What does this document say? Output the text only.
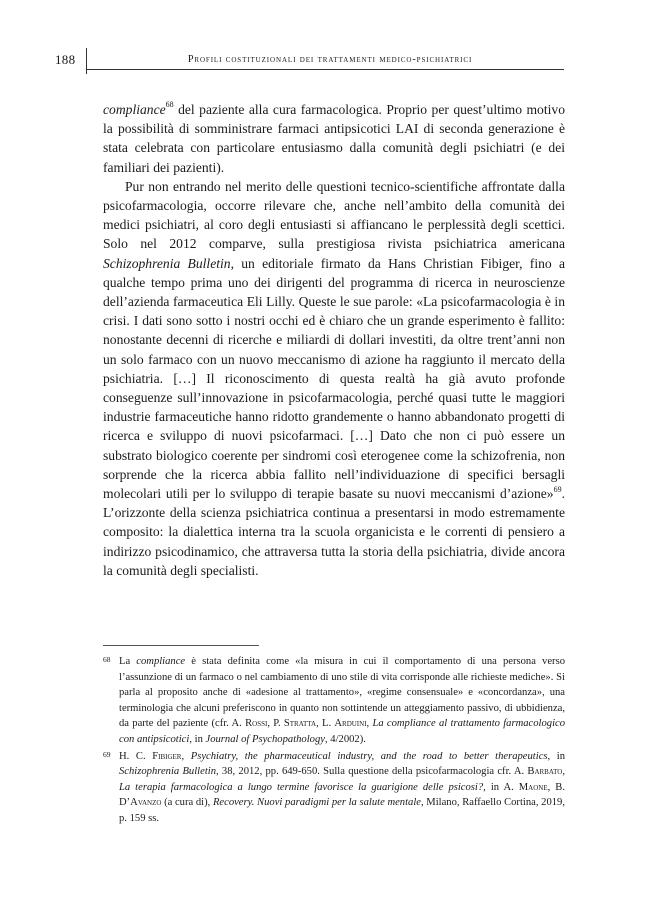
188	Profili costituzionali dei trattamenti medico-psichiatrici

compliance$^{68}$ del paziente alla cura farmacologica. Proprio per quest’ultimo motivo la possibilità di somministrare farmaci antipsicotici LAI di seconda generazione è stata celebrata con particolare entusiasmo dalla comunità degli psichiatri (e dei familiari dei pazienti).

Pur non entrando nel merito delle questioni tecnico-scientifiche affrontate dalla psicofarmacologia, occorre rilevare che, anche nell’ambito della comunità dei medici psichiatri, al coro degli entusiasti si affiancano le perplessità degli scettici. Solo nel 2012 comparve, sulla prestigiosa rivista psichiatrica americana Schizophrenia Bulletin, un editoriale firmato da Hans Christian Fibiger, fino a qualche tempo prima uno dei dirigenti del programma di ricerca in neuroscienze dell’azienda farmaceutica Eli Lilly. Queste le sue parole: «La psicofarmacologia è in crisi. I dati sono sotto i nostri occhi ed è chiaro che un grande esperimento è fallito: nonostante decenni di ricerche e miliardi di dollari investiti, da oltre trent’anni non un solo farmaco con un nuovo meccanismo di azione ha raggiunto il mercato della psichiatria. […] Il riconoscimento di questa realtà ha già avuto profonde conseguenze sull’innovazione in psicofarmacologia, perché quasi tutte le maggiori industrie farmaceutiche hanno ridotto grandemente o hanno abbandonato progetti di ricerca e sviluppo di nuovi psicofarmaci. […] Dato che non ci può essere un substrato biologico coerente per sindromi così eterogenee come la schizofrenia, non sorprende che la ricerca abbia fallito nell’individuazione di specifici bersagli molecolari utili per lo sviluppo di terapie basate su nuovi meccanismi d’azione»$^{69}$. L’orizzonte della scienza psichiatrica continua a presentarsi in modo estremamente composito: la dialettica interna tra la scuola organicista e le correnti di pensiero a indirizzo psicodinamico, che attraversa tutta la storia della psichiatria, divide ancora la comunità degli specialisti.

68 La compliance è stata definita come «la misura in cui il comportamento di una persona verso l’assunzione di un farmaco o nel cambiamento di uno stile di vita corrisponde alle richieste mediche». Si parla al proposito anche di «adesione al trattamento», «regime consensuale» e «concordanza», una terminologia che alcuni preferiscono in quanto non sottintende un atteggiamento passivo, di ubbidienza, da parte del paziente (cfr. A. Rossi, P. Stratta, L. Arduini, La compliance al trattamento farmacologico con antipsicotici, in Journal of Psychopathology, 4/2002).
69 H. C. Fibiger, Psychiatry, the pharmaceutical industry, and the road to better therapeutics, in Schizophrenia Bulletin, 38, 2012, pp. 649-650. Sulla questione della psicofarmacologia cfr. A. Barbato, La terapia farmacologica a lungo termine favorisce la guarigione delle psicosi?, in A. Maone, B. D’Avanzo (a cura di), Recovery. Nuovi paradigmi per la salute mentale, Milano, Raffaello Cortina, 2019, p. 159 ss.
